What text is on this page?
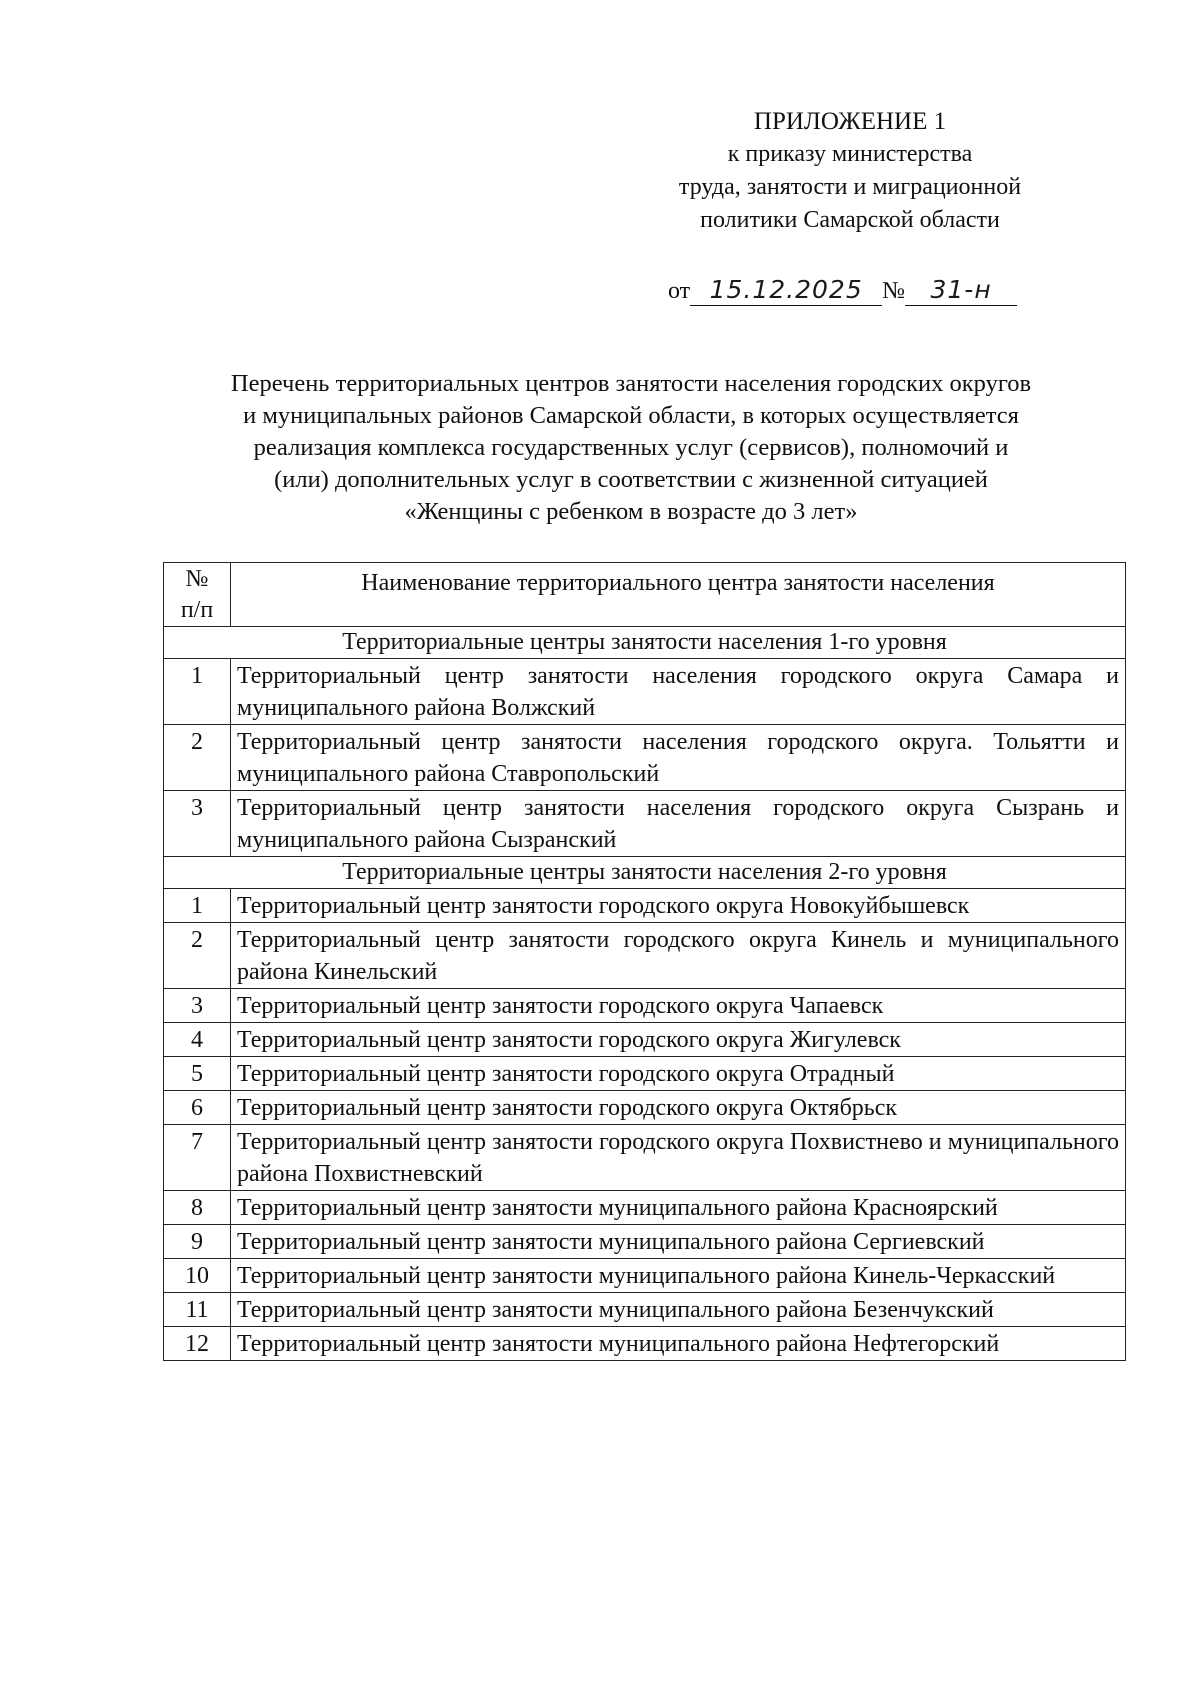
ПРИЛОЖЕНИЕ 1
к приказу министерства
труда, занятости и миграционной
политики Самарской области
от 15.12.2025 № 31-н
Перечень территориальных центров занятости населения городских округов
и муниципальных районов Самарской области, в которых осуществляется
реализация комплекса государственных услуг (сервисов), полномочий и
(или) дополнительных услуг в соответствии с жизненной ситуацией
«Женщины с ребенком в возрасте до 3 лет»
№
п/п	Наименование территориального центра занятости населения
Территориальные центры занятости населения 1-го уровня	
1	Территориальный центр занятости населения городского округа Самара и муниципального района Волжский
2	Территориальный центр занятости населения городского округа. Тольятти и муниципального района Ставропольский
3	Территориальный центр занятости населения городского округа Сызрань и муниципального района Сызранский
Территориальные центры занятости населения 2-го уровня	
1	Территориальный центр занятости городского округа Новокуйбышевск
2	Территориальный центр занятости городского округа Кинель и муниципального района Кинельский
3	Территориальный центр занятости городского округа Чапаевск
4	Территориальный центр занятости городского округа Жигулевск
5	Территориальный центр занятости городского округа Отрадный
6	Территориальный центр занятости городского округа Октябрьск
7	Территориальный центр занятости городского округа Похвистнево и муниципального района Похвистневский
8	Территориальный центр занятости муниципального района Красноярский
9	Территориальный центр занятости муниципального района Сергиевский
10	Территориальный центр занятости муниципального района Кинель-Черкасский
11	Территориальный центр занятости муниципального района Безенчукский
12	Территориальный центр занятости муниципального района Нефтегорский
